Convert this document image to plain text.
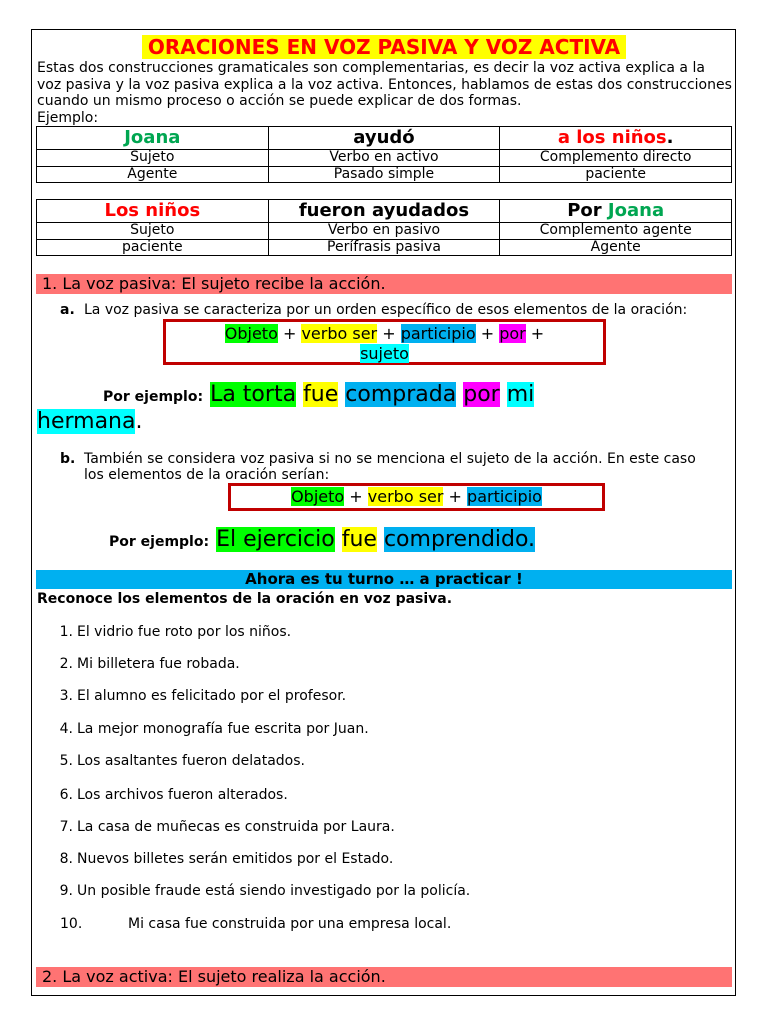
ORACIONES EN VOZ PASIVA Y VOZ ACTIVA
Estas dos construcciones gramaticales son complementarias, es decir la voz activa explica a la voz pasiva y la voz pasiva explica a la voz activa. Entonces, hablamos de estas dos construcciones cuando un mismo proceso o acción se puede explicar de dos formas.
Ejemplo:
Joana	ayudó	a los niños.
Sujeto	Verbo en activo	Complemento directo
Agente	Pasado simple	paciente
Los niños	fueron ayudados	Por Joana
Sujeto	Verbo en pasivo	Complemento agente
paciente	Perífrasis pasiva	Agente
1. La voz pasiva: El sujeto recibe la acción.
a. La voz pasiva se caracteriza por un orden específico de esos elementos de la oración:
Objeto + verbo ser + participio + por +
sujeto
Por ejemplo: La torta fue comprada por mi
hermana.
b. También se considera voz pasiva si no se menciona el sujeto de la acción. En este caso los elementos de la oración serían:
Objeto + verbo ser + participio
Por ejemplo: El ejercicio fue comprendido.
Ahora es tu turno … a practicar !
Reconoce los elementos de la oración en voz pasiva.
1. El vidrio fue roto por los niños.
2. Mi billetera fue robada.
3. El alumno es felicitado por el profesor.
4. La mejor monografía fue escrita por Juan.
5. Los asaltantes fueron delatados.
6. Los archivos fueron alterados.
7. La casa de muñecas es construida por Laura.
8. Nuevos billetes serán emitidos por el Estado.
9. Un posible fraude está siendo investigado por la policía.
10.	Mi casa fue construida por una empresa local.
2. La voz activa: El sujeto realiza la acción.
